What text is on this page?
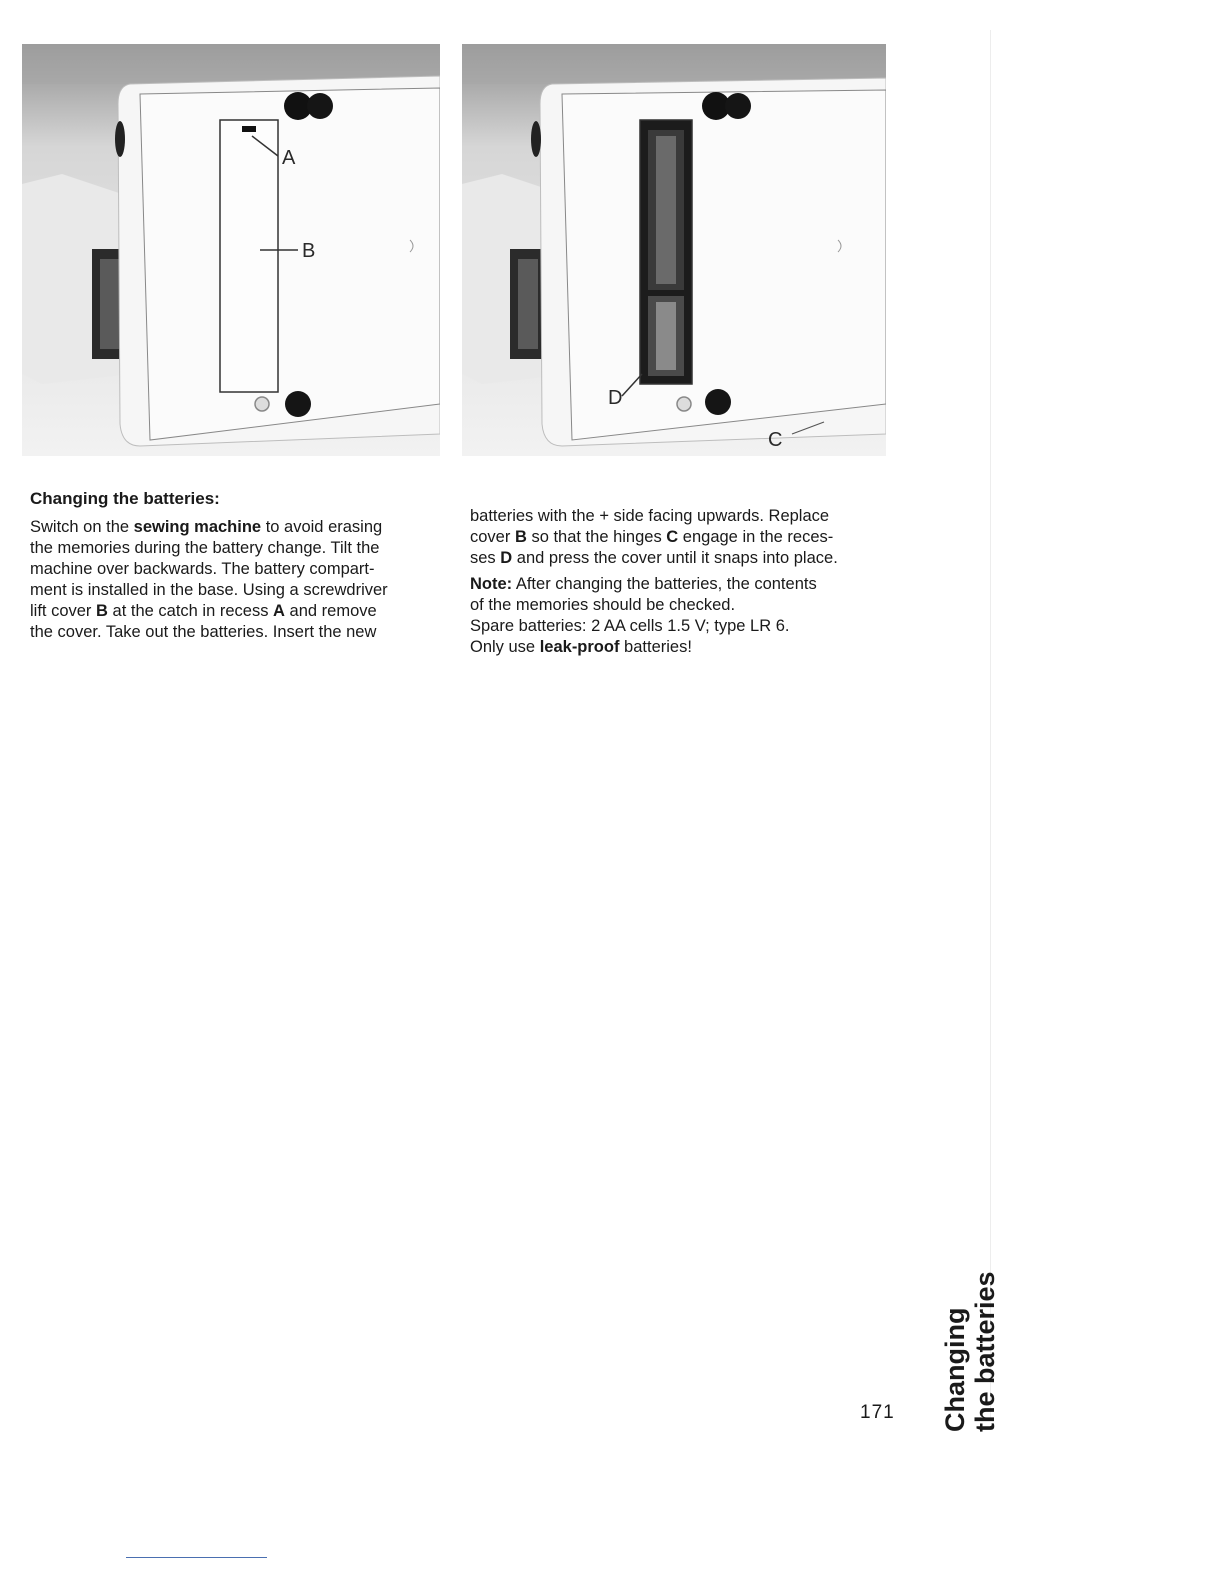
A
B
D
C

Changing the batteries:

Switch on the sewing machine to avoid erasing

the memories during the battery change. Tilt the

machine over backwards. The battery compart-

ment is installed in the base. Using a screwdriver

lift cover B at the catch in recess A and remove

the cover. Take out the batteries. Insert the new

batteries with the + side facing upwards. Replace

cover B so that the hinges C engage in the reces-

ses D and press the cover until it snaps into place.

Note: After changing the batteries, the contents

of the memories should be checked.

Spare batteries: 2 AA cells 1.5 V; type LR 6.

Only use leak-proof batteries!

171 Changing the batteries
